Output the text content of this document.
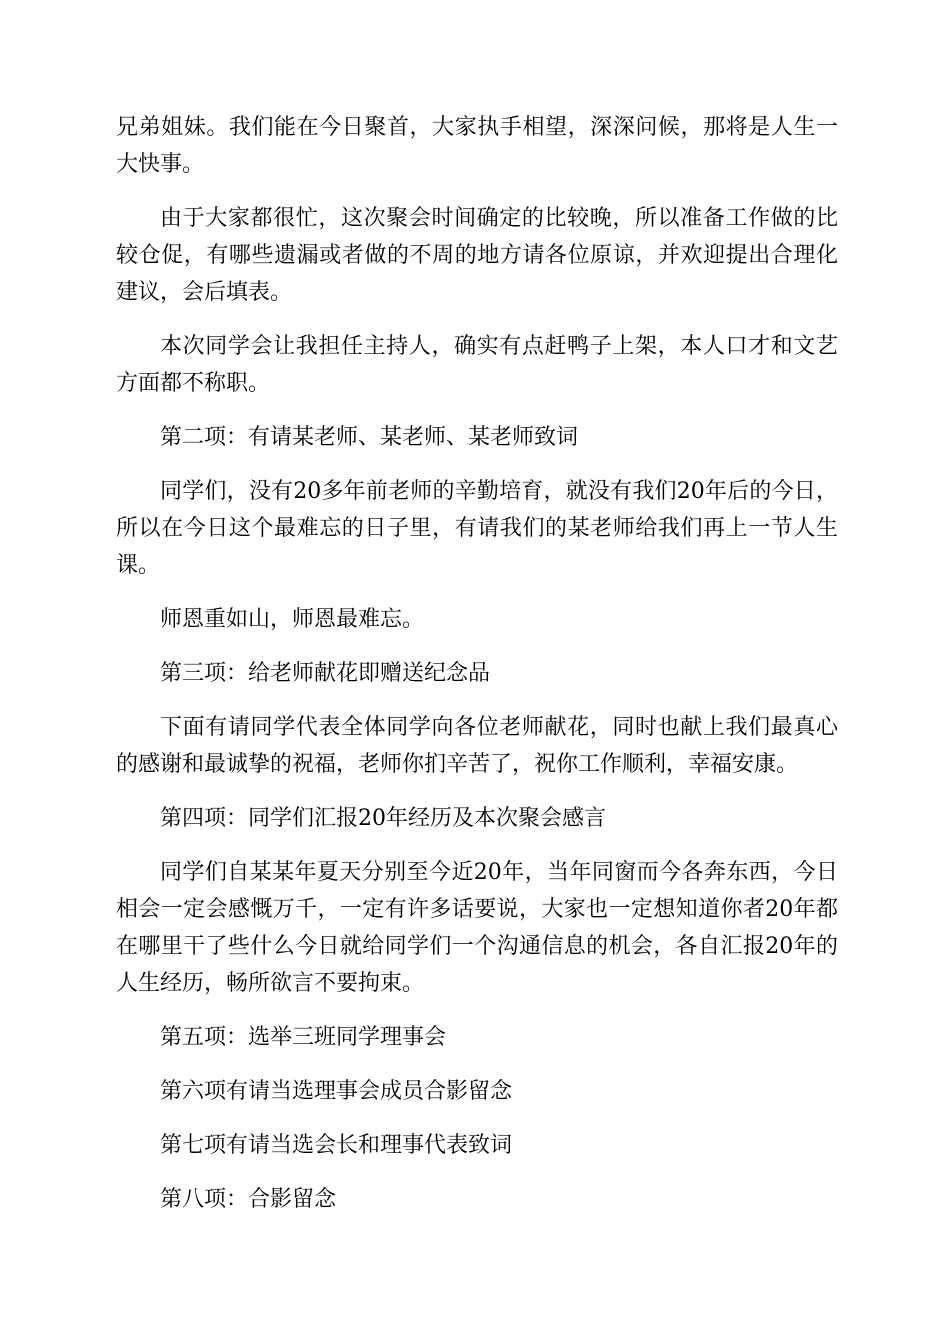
兄弟姐妹。我们能在今日聚首，大家执手相望，深深问候，那将是人生一大快事。

由于大家都很忙，这次聚会时间确定的比较晚，所以准备工作做的比较仓促，有哪些遗漏或者做的不周的地方请各位原谅，并欢迎提出合理化建议，会后填表。

本次同学会让我担任主持人，确实有点赶鸭子上架，本人口才和文艺方面都不称职。

第二项：有请某老师、某老师、某老师致词

同学们，没有20多年前老师的辛勤培育，就没有我们20年后的今日，所以在今日这个最难忘的日子里，有请我们的某老师给我们再上一节人生课。

师恩重如山，师恩最难忘。

第三项：给老师献花即赠送纪念品

下面有请同学代表全体同学向各位老师献花，同时也献上我们最真心的感谢和最诚挚的祝福，老师你扪辛苦了，祝你工作顺利，幸福安康。

第四项：同学们汇报20年经历及本次聚会感言

同学们自某某年夏天分别至今近20年，当年同窗而今各奔东西，今日相会一定会感慨万千，一定有许多话要说，大家也一定想知道你者20年都在哪里干了些什么今日就给同学们一个沟通信息的机会，各自汇报20年的人生经历，畅所欲言不要拘束。

第五项：选举三班同学理事会

第六项有请当选理事会成员合影留念

第七项有请当选会长和理事代表致词

第八项：合影留念
